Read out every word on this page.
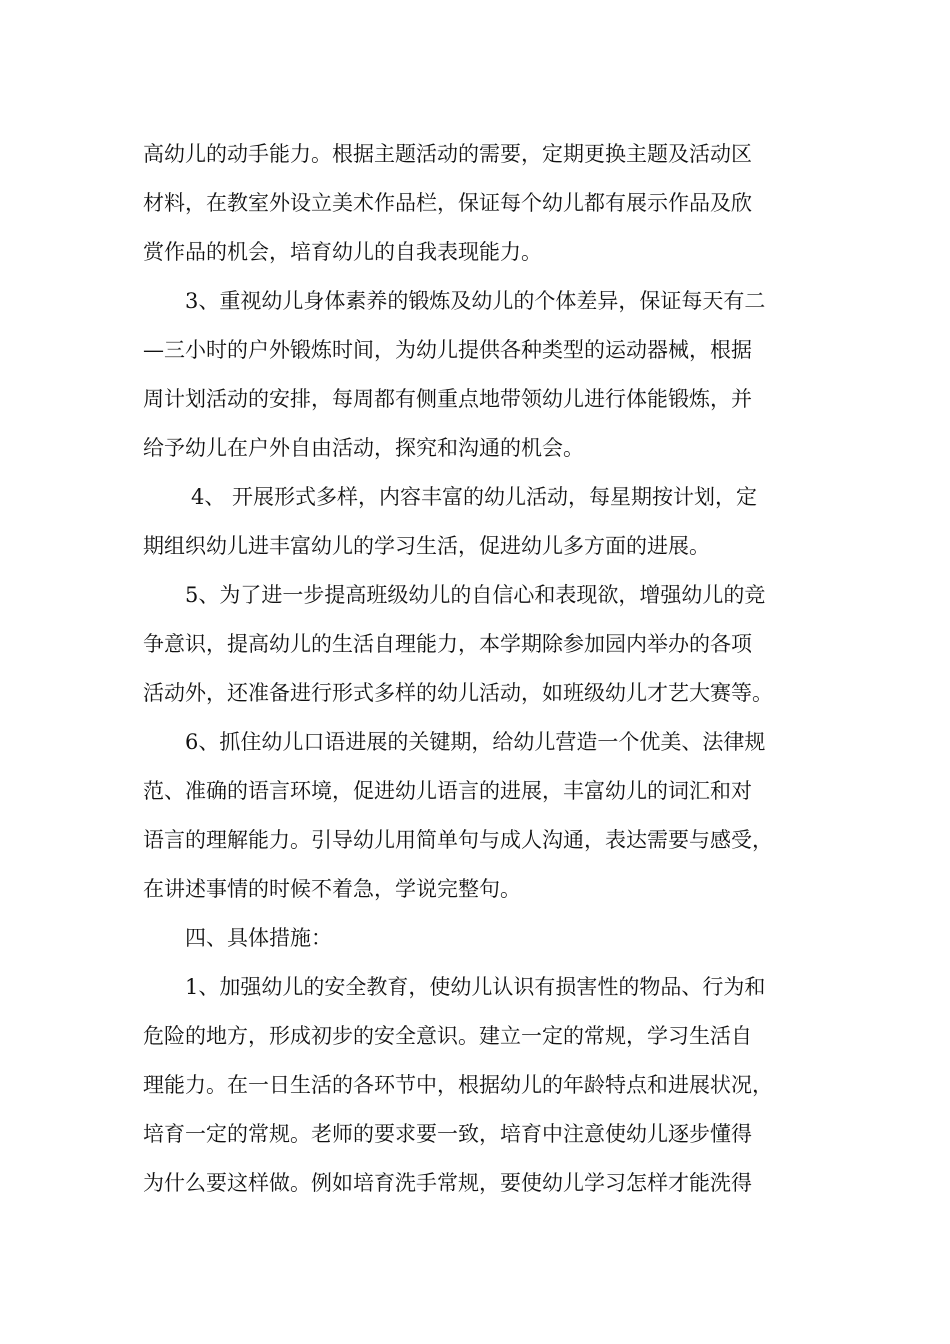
高幼儿的动手能力。根据主题活动的需要，定期更换主题及活动区
材料，在教室外设立美术作品栏，保证每个幼儿都有展示作品及欣
赏作品的机会，培育幼儿的自我表现能力。
3、重视幼儿身体素养的锻炼及幼儿的个体差异，保证每天有二
—三小时的户外锻炼时间，为幼儿提供各种类型的运动器械，根据
周计划活动的安排，每周都有侧重点地带领幼儿进行体能锻炼，并
给予幼儿在户外自由活动，探究和沟通的机会。
4、 开展形式多样，内容丰富的幼儿活动，每星期按计划，定
期组织幼儿进丰富幼儿的学习生活，促进幼儿多方面的进展。
5、为了进一步提高班级幼儿的自信心和表现欲，增强幼儿的竞
争意识，提高幼儿的生活自理能力，本学期除参加园内举办的各项
活动外，还准备进行形式多样的幼儿活动，如班级幼儿才艺大赛等。
6、抓住幼儿口语进展的关键期，给幼儿营造一个优美、法律规
范、准确的语言环境，促进幼儿语言的进展，丰富幼儿的词汇和对
语言的理解能力。引导幼儿用简单句与成人沟通，表达需要与感受，
在讲述事情的时候不着急，学说完整句。
四、具体措施：
1、加强幼儿的安全教育，使幼儿认识有损害性的物品、行为和
危险的地方，形成初步的安全意识。建立一定的常规，学习生活自
理能力。在一日生活的各环节中，根据幼儿的年龄特点和进展状况，
培育一定的常规。老师的要求要一致，培育中注意使幼儿逐步懂得
为什么要这样做。例如培育洗手常规，要使幼儿学习怎样才能洗得
